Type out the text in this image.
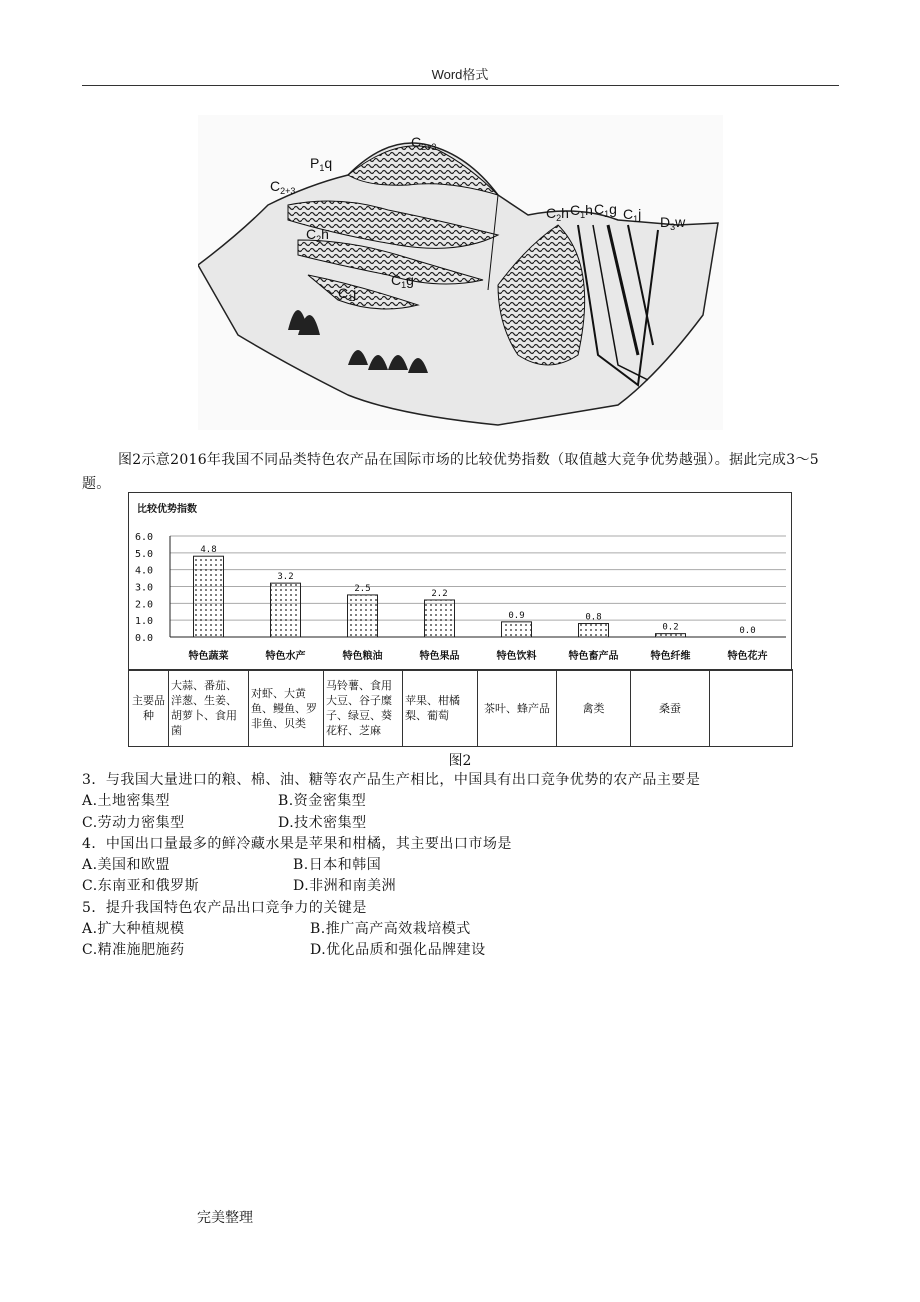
Word格式
$C_{2+3}$
$P_1q$
$C_{2+3}$
$C_2h$
$C_1g$
$C_1j$
$C_2h$ $C_1h$ $C_1g$ $C_1j$ $D_3w$
图2示意2016年我国不同品类特色农产品在国际市场的比较优势指数（取值越大竞争优势越强）。据此完成3～5题。
比较优势指数
0.0
1.0
2.0
3.0
4.0
5.0
6.0
4.8
特色蔬菜
3.2
特色水产
2.5
特色粮油
2.2
特色果品
0.9
特色饮料
0.8
特色畜产品
0.2
特色纤维
0.0
特色花卉
主要品种	大蒜、番茄、洋葱、生姜、胡萝卜、食用菌	对虾、大黄鱼、鳗鱼、罗非鱼、贝类	马铃薯、食用大豆、谷子糜子、绿豆、葵花籽、芝麻	苹果、柑橘梨、葡萄	茶叶、蜂产品	禽类	桑蚕	
图2
3．与我国大量进口的粮、棉、油、糖等农产品生产相比，中国具有出口竞争优势的农产品主要是
A.土地密集型	B.资金密集型
C.劳动力密集型	D.技术密集型
4．中国出口量最多的鲜冷藏水果是苹果和柑橘，其主要出口市场是
A.美国和欧盟	B.日本和韩国
C.东南亚和俄罗斯	D.非洲和南美洲
5．提升我国特色农产品出口竞争力的关键是
A.扩大种植规模	B.推广高产高效栽培模式
C.精准施肥施药	D.优化品质和强化品牌建设
完美整理
